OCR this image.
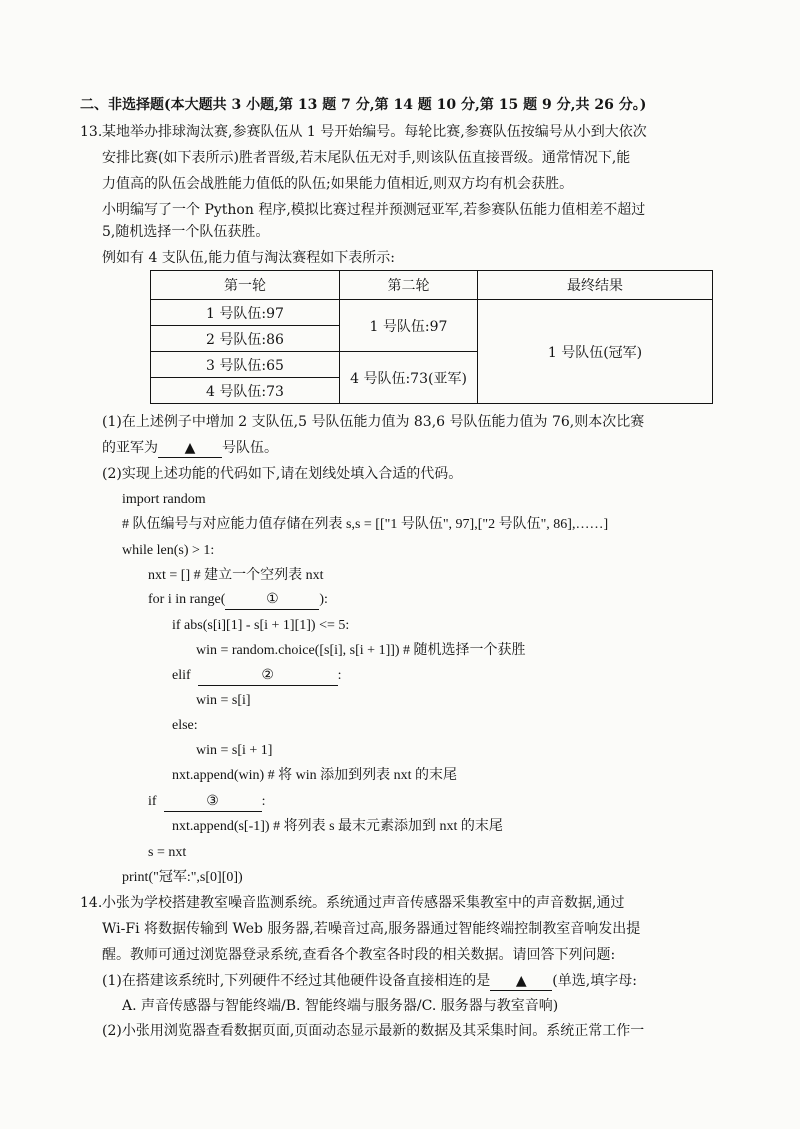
二、非选择题(本大题共 3 小题,第 13 题 7 分,第 14 题 10 分,第 15 题 9 分,共 26 分。)
13. 某地举办排球淘汰赛,参赛队伍从 1 号开始编号。每轮比赛,参赛队伍按编号从小到大依次
安排比赛(如下表所示)胜者晋级,若末尾队伍无对手,则该队伍直接晋级。通常情况下,能
力值高的队伍会战胜能力值低的队伍;如果能力值相近,则双方均有机会获胜。
小明编写了一个 Python 程序,模拟比赛过程并预测冠亚军,若参赛队伍能力值相差不超过
5,随机选择一个队伍获胜。
例如有 4 支队伍,能力值与淘汰赛程如下表所示:
第一轮	第二轮	最终结果
1 号队伍:97	1 号队伍:97	1 号队伍(冠军)
2 号队伍:86		
3 号队伍:65	4 号队伍:73(亚军)	
4 号队伍:73		
(1)在上述例子中增加 2 支队伍,5 号队伍能力值为 83,6 号队伍能力值为 76,则本次比赛
的亚军为 ▲ 号队伍。
(2)实现上述功能的代码如下,请在划线处填入合适的代码。
import random
# 队伍编号与对应能力值存储在列表 s,s = [["1 号队伍", 97],["2 号队伍", 86],……]
while len(s) > 1:
nxt = [] # 建立一个空列表 nxt
for i in range(	①	):
if abs(s[i][1] - s[i + 1][1]) <= 5:
win = random.choice([s[i], s[i + 1]]) # 随机选择一个获胜
elif	②	:
win = s[i]
else:
win = s[i + 1]
nxt.append(win) # 将 win 添加到列表 nxt 的末尾
if	③	:
nxt.append(s[-1]) # 将列表 s 最末元素添加到 nxt 的末尾
s = nxt
print("冠军:",s[0][0])
14. 小张为学校搭建教室噪音监测系统。系统通过声音传感器采集教室中的声音数据,通过
Wi-Fi 将数据传输到 Web 服务器,若噪音过高,服务器通过智能终端控制教室音响发出提
醒。教师可通过浏览器登录系统,查看各个教室各时段的相关数据。请回答下列问题:
(1)在搭建该系统时,下列硬件不经过其他硬件设备直接相连的是 ▲ (单选,填字母:
A. 声音传感器与智能终端/B. 智能终端与服务器/C. 服务器与教室音响)
(2)小张用浏览器查看数据页面,页面动态显示最新的数据及其采集时间。系统正常工作一
